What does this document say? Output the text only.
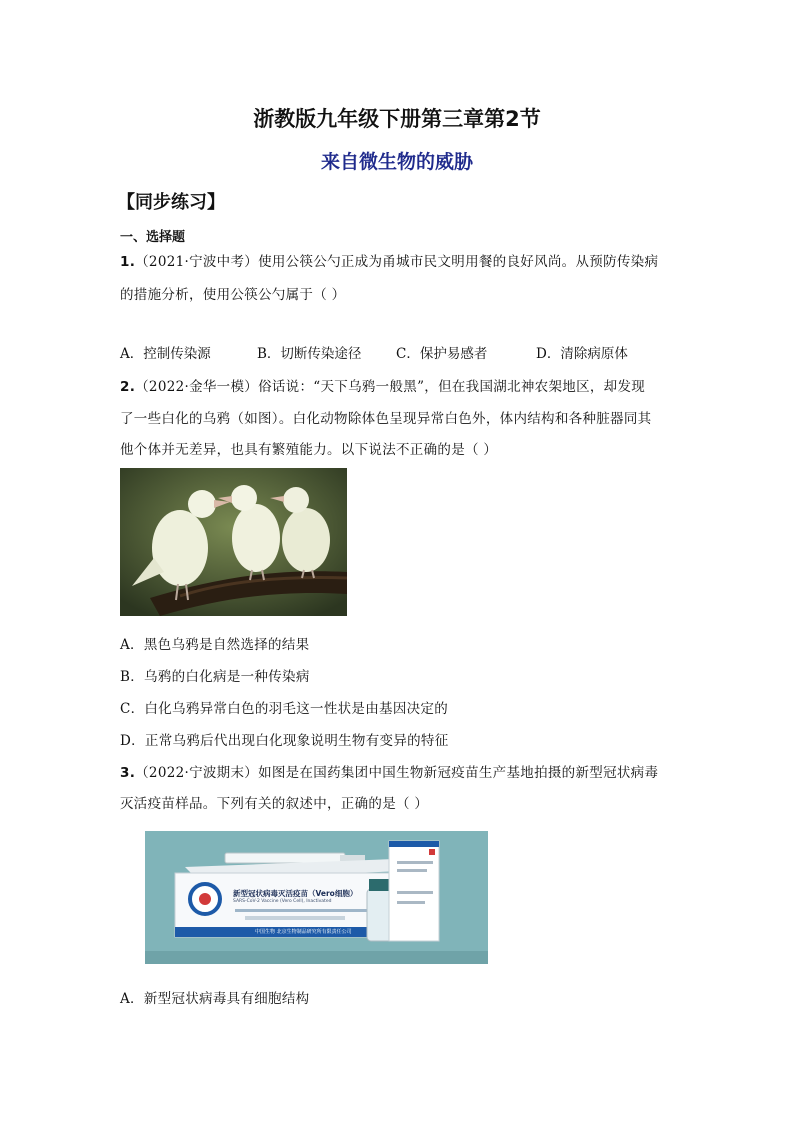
浙教版九年级下册第三章第2节
来自微生物的威胁
【同步练习】
一、选择题
1.（2021·宁波中考）使用公筷公勺正成为甬城市民文明用餐的良好风尚。从预防传染病
的措施分析，使用公筷公勺属于（ ）
A．控制传染源	B．切断传染途径	C．保护易感者	D．清除病原体
2.（2022·金华一模）俗话说：“天下乌鸦一般黑”，但在我国湖北神农架地区，却发现
了一些白化的乌鸦（如图）。白化动物除体色呈现异常白色外，体内结构和各种脏器同其
他个体并无差异，也具有繁殖能力。以下说法不正确的是（ ）
A．黑色乌鸦是自然选择的结果
B．乌鸦的白化病是一种传染病
C．白化乌鸦异常白色的羽毛这一性状是由基因决定的
D．正常乌鸦后代出现白化现象说明生物有变异的特征
3.（2022·宁波期末）如图是在国药集团中国生物新冠疫苗生产基地拍摄的新型冠状病毒
灭活疫苗样品。下列有关的叙述中，正确的是（ ）
新型冠状病毒灭活疫苗（Vero细胞）
SARS-CoV-2 Vaccine (Vero Cell), Inactivated
中国生物 北京生物制品研究所有限责任公司
A．新型冠状病毒具有细胞结构
